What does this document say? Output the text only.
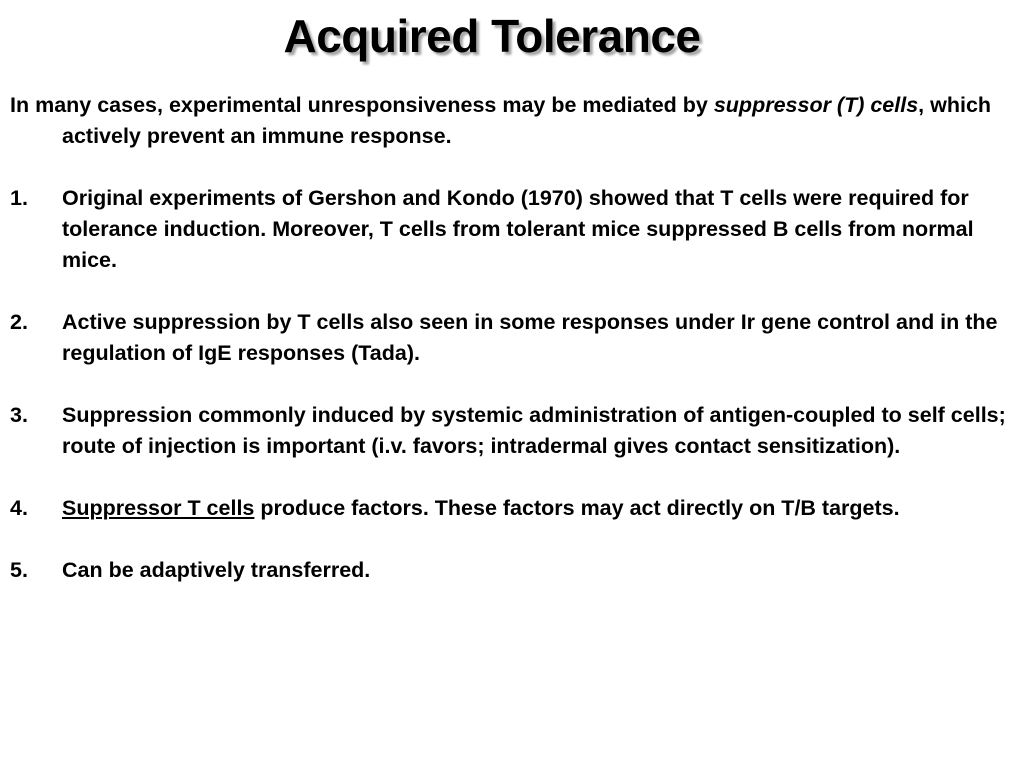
Acquired Tolerance

In many cases, experimental unresponsiveness may be mediated by suppressor (T) cells, which actively prevent an immune response.

1. Original experiments of Gershon and Kondo (1970) showed that T cells were required for tolerance induction. Moreover, T cells from tolerant mice suppressed B cells from normal mice.
2. Active suppression by T cells also seen in some responses under Ir gene control and in the regulation of IgE responses (Tada).
3. Suppression commonly induced by systemic administration of antigen-coupled to self cells; route of injection is important (i.v. favors; intradermal gives contact sensitization).
4. Suppressor T cells produce factors. These factors may act directly on T/B targets.
5. Can be adaptively transferred.
